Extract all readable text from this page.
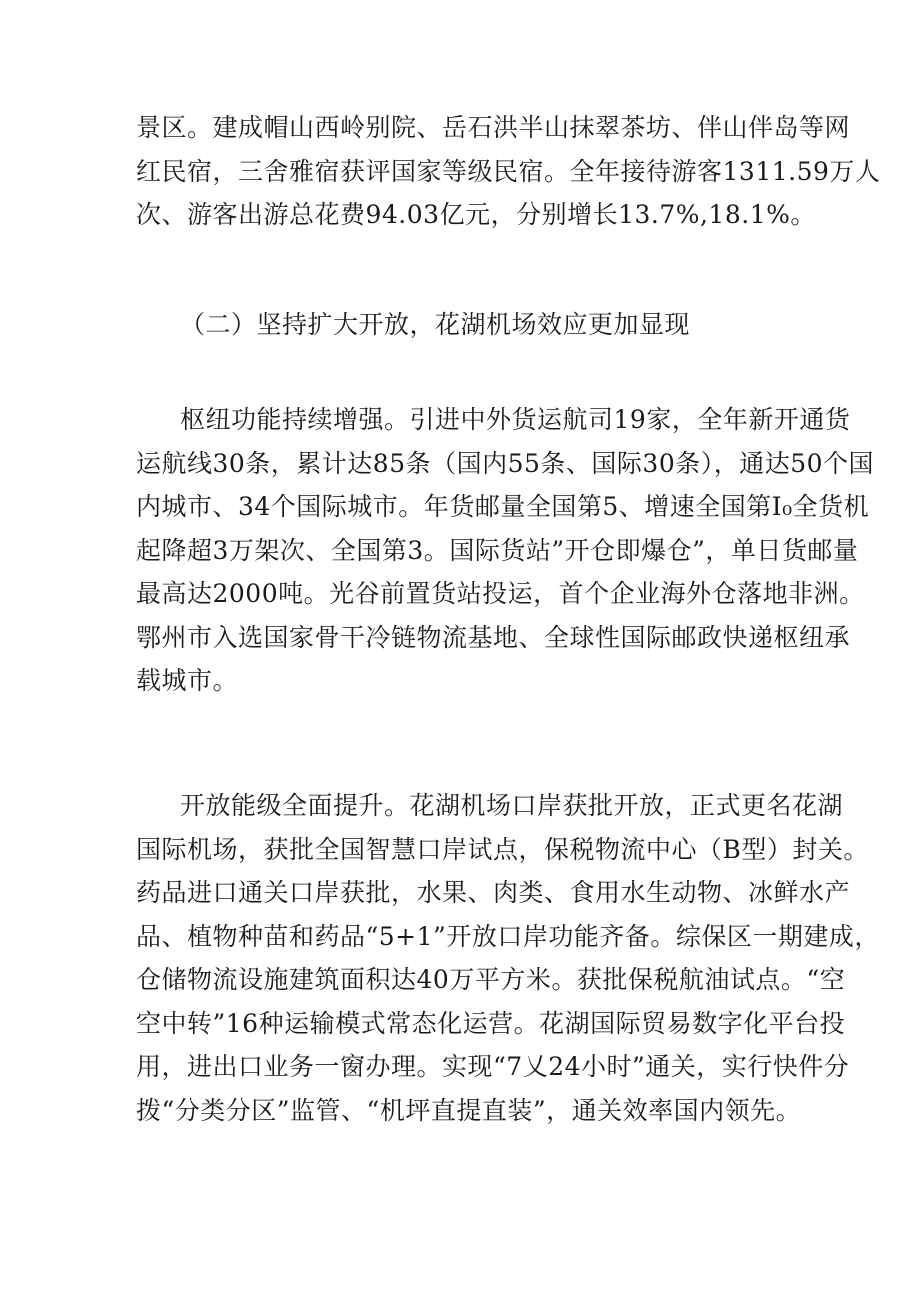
景区。建成帽山西岭别院、岳石洪半山抹翠茶坊、伴山伴岛等网
红民宿，三舍雅宿获评国家等级民宿。全年接待游客1311.59万人
次、游客出游总花费94.03亿元，分别增长13.7%,18.1%。
（二）坚持扩大开放，花湖机场效应更加显现
枢纽功能持续增强。引进中外货运航司19家，全年新开通货
运航线30条，累计达85条（国内55条、国际30条），通达50个国
内城市、34个国际城市。年货邮量全国第5、增速全国第I₀全货机
起降超3万架次、全国第3。国际货站”开仓即爆仓”，单日货邮量
最高达2000吨。光谷前置货站投运，首个企业海外仓落地非洲。
鄂州市入选国家骨干冷链物流基地、全球性国际邮政快递枢纽承
载城市。
开放能级全面提升。花湖机场口岸获批开放，正式更名花湖
国际机场，获批全国智慧口岸试点，保税物流中心（B型）封关。
药品进口通关口岸获批，水果、肉类、食用水生动物、冰鲜水产
品、植物种苗和药品“5+1”开放口岸功能齐备。综保区一期建成，
仓储物流设施建筑面积达40万平方米。获批保税航油试点。“空
空中转”16种运输模式常态化运营。花湖国际贸易数字化平台投
用，进出口业务一窗办理。实现“7乂24小时”通关，实行快件分
拨“分类分区”监管、“机坪直提直装”，通关效率国内领先。
